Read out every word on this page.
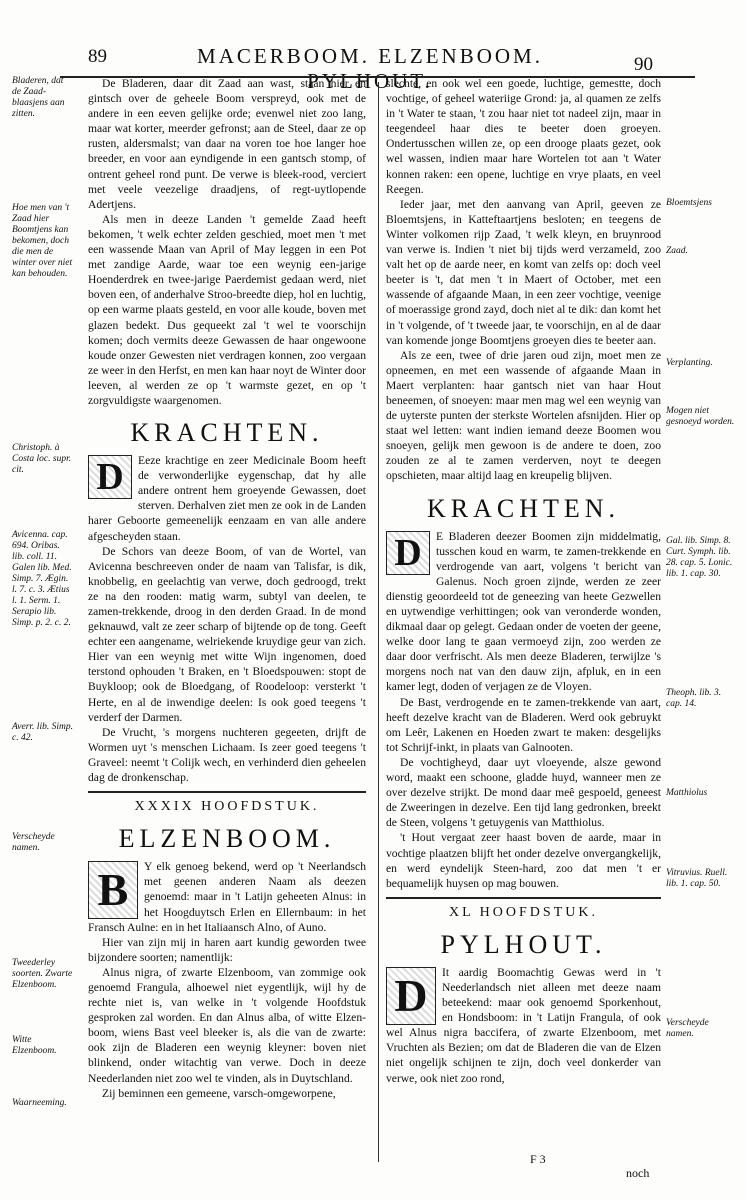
89	MACERBOOM. ELZENBOOM. PYLHOUT.
90

De Bladeren, daar dit Zaad aan wast, staan hier en gintsch over de geheele Boom verspreyd, ook met de andere in een eeven gelijke orde; evenwel niet zoo lang, maar wat korter, meerder gefronst; aan de Steel, daar ze op rusten, aldersmalst; van daar na voren toe hoe langer hoe breeder, en voor aan eyndigende in een gantsch stomp, of ontrent geheel rond punt. De verwe is bleek-rood, verciert met veele veezelige draadjens, of regt-uytlopende Adertjens.

Als men in deeze Landen 't gemelde Zaad heeft bekomen, 't welk echter zelden geschied, moet men 't met een wassende Maan van April of May leggen in een Pot met zandige Aarde, waar toe een weynig een-jarige Hoenderdrek en twee-jarige Paerdemist gedaan werd, niet boven een, of anderhalve Stroo-breedte diep, hol en luchtig, op een warme plaats gesteld, en voor alle koude, boven met glazen bedekt. Dus gequeekt zal 't wel te voorschijn komen; doch vermits deeze Gewassen de haar ongewoone koude onzer Gewesten niet verdragen konnen, zoo vergaan ze weer in den Herfst, en men kan haar noyt de Winter door leeven, al werden ze op 't warmste gezet, en op 't zorgvuldigste waargenomen.

KRACHTEN.

D	Eeze krachtige en zeer Medicinale Boom heeft de verwonderlijke eygenschap, dat hy alle andere ontrent hem groeyende Gewassen, doet sterven. Derhalven ziet men ze ook in de Landen harer Geboorte gemeenelijk eenzaam en van alle andere afgescheyden staan.

De Schors van deeze Boom, of van de Wortel, van Avicenna beschreeven onder de naam van Talisfar, is dik, knobbelig, en geelachtig van verwe, doch gedroogd, trekt ze na den rooden: matig warm, subtyl van deelen, te zamen-trekkende, droog in den derden Graad. In de mond geknauwd, valt ze zeer scharp of bijtende op de tong. Geeft echter een aangename, welriekende kruydige geur van zich. Hier van een weynig met witte Wijn ingenomen, doed terstond ophouden 't Braken, en 't Bloedspouwen: stopt de Buykloop; ook de Bloedgang, of Roodeloop: versterkt 't Herte, en al de inwendige deelen: Is ook goed teegens 't verderf der Darmen.

De Vrucht, 's morgens nuchteren gegeeten, drijft de Wormen uyt 's menschen Lichaam. Is zeer goed teegens 't Graveel: neemt 't Colijk wech, en verhinderd dien geheelen dag de dronkenschap.

XXXIX HOOFDSTUK.
ELZENBOOM.

B	Y elk genoeg bekend, werd op 't Neerlandsch met geenen anderen Naam als deezen genoemd: maar in 't Latijn geheeten Alnus: in het Hoogduytsch Erlen en Ellernbaum: in het Fransch Aulne: en in het Italiaansch Alno, of Auno.

Hier van zijn mij in haren aart kundig geworden twee bijzondere soorten; namentlijk:

Alnus nigra, of zwarte Elzenboom, van zommige ook genoemd Frangula, alhoewel niet eygentlijk, wijl hy de rechte niet is, van welke in 't volgende Hoofdstuk gesproken zal worden. En dan Alnus alba, of witte Elzen-boom, wiens Bast veel bleeker is, als die van de zwarte: ook zijn de Bladeren een weynig kleyner: boven niet blinkend, onder witachtig van verwe. Doch in deeze Neederlanden niet zoo wel te vinden, als in Duytschland.

Zij beminnen een gemeene, varsch-omgeworpene,

slechte, en ook wel een goede, luchtige, gemestte, doch vochtige, of geheel wateriige Grond: ja, al quamen ze zelfs in 't Water te staan, 't zou haar niet tot nadeel zijn, maar in teegendeel haar dies te beeter doen groeyen. Ondertusschen willen ze, op een drooge plaats gezet, ook wel wassen, indien maar hare Wortelen tot aan 't Water konnen raken: een opene, luchtige en vrye plaats, en veel Reegen.

Ieder jaar, met den aanvang van April, geeven ze Bloemtsjens, in Katteftaartjens besloten; en teegens de Winter volkomen rijp Zaad, 't welk kleyn, en bruynrood van verwe is. Indien 't niet bij tijds werd verzameld, zoo valt het op de aarde neer, en komt van zelfs op: doch veel beeter is 't, dat men 't in Maert of October, met een wassende of afgaande Maan, in een zeer vochtige, veenige of moerassige grond zayd, doch niet al te dik: dan komt het in 't volgende, of 't tweede jaar, te voorschijn, en al de daar van komende jonge Boomtjens groeyen dies te beeter aan.

Als ze een, twee of drie jaren oud zijn, moet men ze opneemen, en met een wassende of afgaande Maan in Maert verplanten: haar gantsch niet van haar Hout beneemen, of snoeyen: maar men mag wel een weynig van de uyterste punten der sterkste Wortelen afsnijden. Hier op staat wel letten: want indien iemand deeze Boomen wou snoeyen, gelijk men gewoon is de andere te doen, zoo zouden ze al te zamen verderven, noyt te deegen opschieten, maar altijd laag en kreupelig blijven.

KRACHTEN.

D	E Bladeren deezer Boomen zijn middelmatig, tusschen koud en warm, te zamen-trekkende en verdrogende van aart, volgens 't bericht van Galenus. Noch groen zijnde, werden ze zeer dienstig geoordeeld tot de geneezing van heete Gezwellen en uytwendige verhittingen; ook van veronderde wonden, dikmaal daar op gelegt. Gedaan onder de voeten der geene, welke door lang te gaan vermoeyd zijn, zoo werden ze daar door verfrischt. Als men deeze Bladeren, terwijlze 's morgens noch nat van den dauw zijn, afpluk, en in een kamer legt, doden of verjagen ze de Vloyen.

De Bast, verdrogende en te zamen-trekkende van aart, heeft dezelve kracht van de Bladeren. Werd ook gebruykt om Leêr, Lakenen en Hoeden zwart te maken: desgelijks tot Schrijf-inkt, in plaats van Galnooten.

De vochtigheyd, daar uyt vloeyende, alsze gewond word, maakt een schoone, gladde huyd, wanneer men ze over dezelve strijkt. De mond daar meê gespoeld, geneest de Zweeringen in dezelve. Een tijd lang gedronken, breekt de Steen, volgens 't getuygenis van Matthiolus.

't Hout vergaat zeer haast boven de aarde, maar in vochtige plaatzen blijft het onder dezelve onvergangkelijk, en werd eyndelijk Steen-hard, zoo dat men 't er bequamelijk huysen op mag bouwen.

XL HOOFDSTUK.
PYLHOUT.

D	It aardig Boomachtig Gewas werd in 't Neederlandsch niet alleen met deeze naam beteekend: maar ook genoemd Sporkenhout, en Hondsboom: in 't Latijn Frangula, of ook wel Alnus nigra baccifera, of zwarte Elzenboom, met Vruchten als Bezien; om dat de Bladeren die van de Elzen niet ongelijk schijnen te zijn, doch veel donkerder van verwe, ook niet zoo rond,

Bladeren, dat de Zaad-blaasjens aan zitten.
Hoe men van 't Zaad hier Boomtjens kan bekomen, doch die men de winter over niet kan behouden.
Christoph. à Costa loc. supr. cit.
Avicenna. cap. 694. Oribas. lib. coll. 11. Galen lib. Med. Simp. 7. Ægin. l. 7. c. 3. Ætius l. 1. Serm. 1. Serapio lib. Simp. p. 2. c. 2.
Averr. lib. Simp. c. 42.
Verscheyde namen.
Tweederley soorten. Zwarte Elzenboom.
Witte Elzenboom.
Waarneeming.
Bloemtsjens
Zaad.
Verplanting.
Mogen niet gesnoeyd worden.
Gal. lib. Simp. 8. Curt. Symph. lib. 28. cap. 5. Lonic. lib. 1. cap. 30.
Theoph. lib. 3. cap. 14.
Matthiolus
Vitruvius. Ruell. lib. 1. cap. 50.
Verscheyde namen.
F 3
noch
